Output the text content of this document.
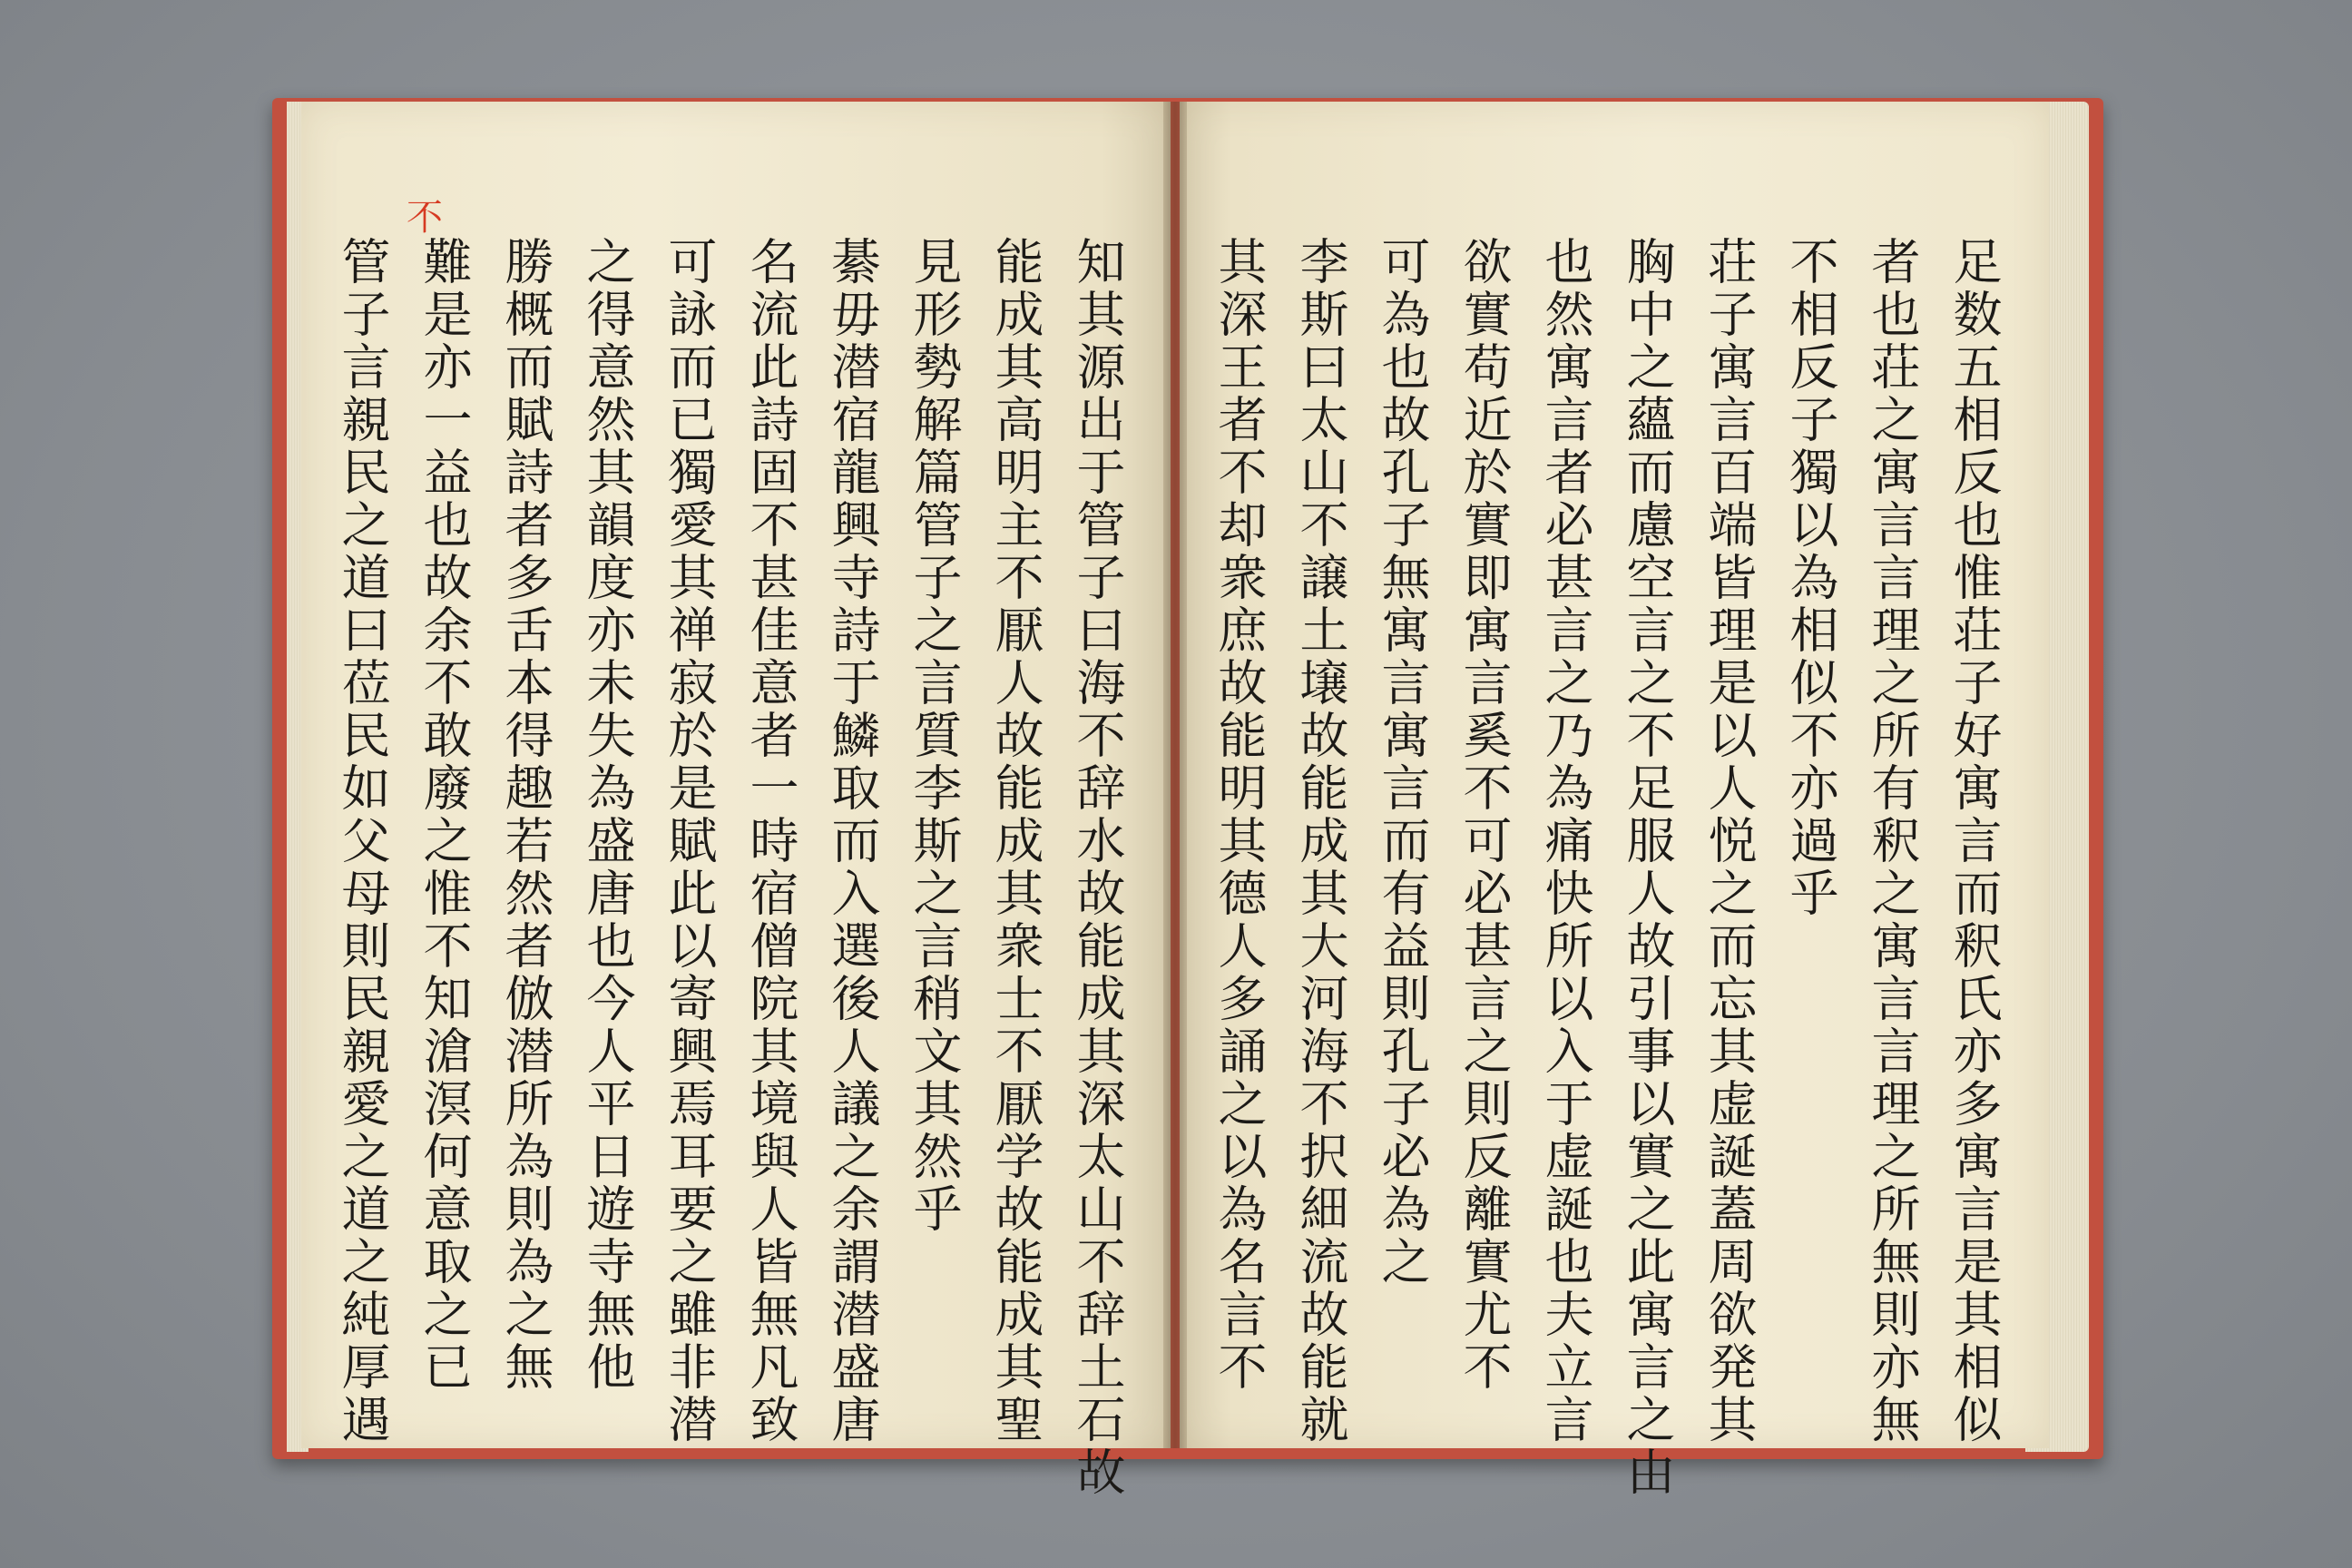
不
知其源出于管子曰海不辞水故能成其深太山不辞土石故
能成其高明主不厭人故能成其衆士不厭学故能成其聖
見形勢解篇管子之言質李斯之言稍文其然乎
綦毋潜宿龍興寺詩于鱗取而入選後人議之余謂潜盛唐
名流此詩固不甚佳意者一時宿僧院其境與人皆無凡致
可詠而已獨愛其禅寂於是賦此以寄興焉耳要之雖非潜
之得意然其韻度亦未失為盛唐也今人平日遊寺無他
勝概而賦詩者多舌本得趣若然者倣潜所為則為之無
難是亦一益也故余不敢廢之惟不知滄溟何意取之已
管子言親民之道曰莅民如父母則民親愛之道之純厚遇	足数五相反也惟荘子好寓言而釈氏亦多寓言是其相似
者也荘之寓言言理之所有釈之寓言言理之所無則亦無
不相反子獨以為相似不亦過乎
荘子寓言百端皆理是以人悦之而忘其虚誕蓋周欲発其
胸中之蘊而慮空言之不足服人故引事以實之此寓言之由
也然寓言者必甚言之乃為痛快所以入于虚誕也夫立言
欲實苟近於實即寓言奚不可必甚言之則反離實尤不
可為也故孔子無寓言寓言而有益則孔子必為之
李斯曰太山不譲土壌故能成其大河海不択細流故能就
其深王者不却衆庶故能明其德人多誦之以為名言不
